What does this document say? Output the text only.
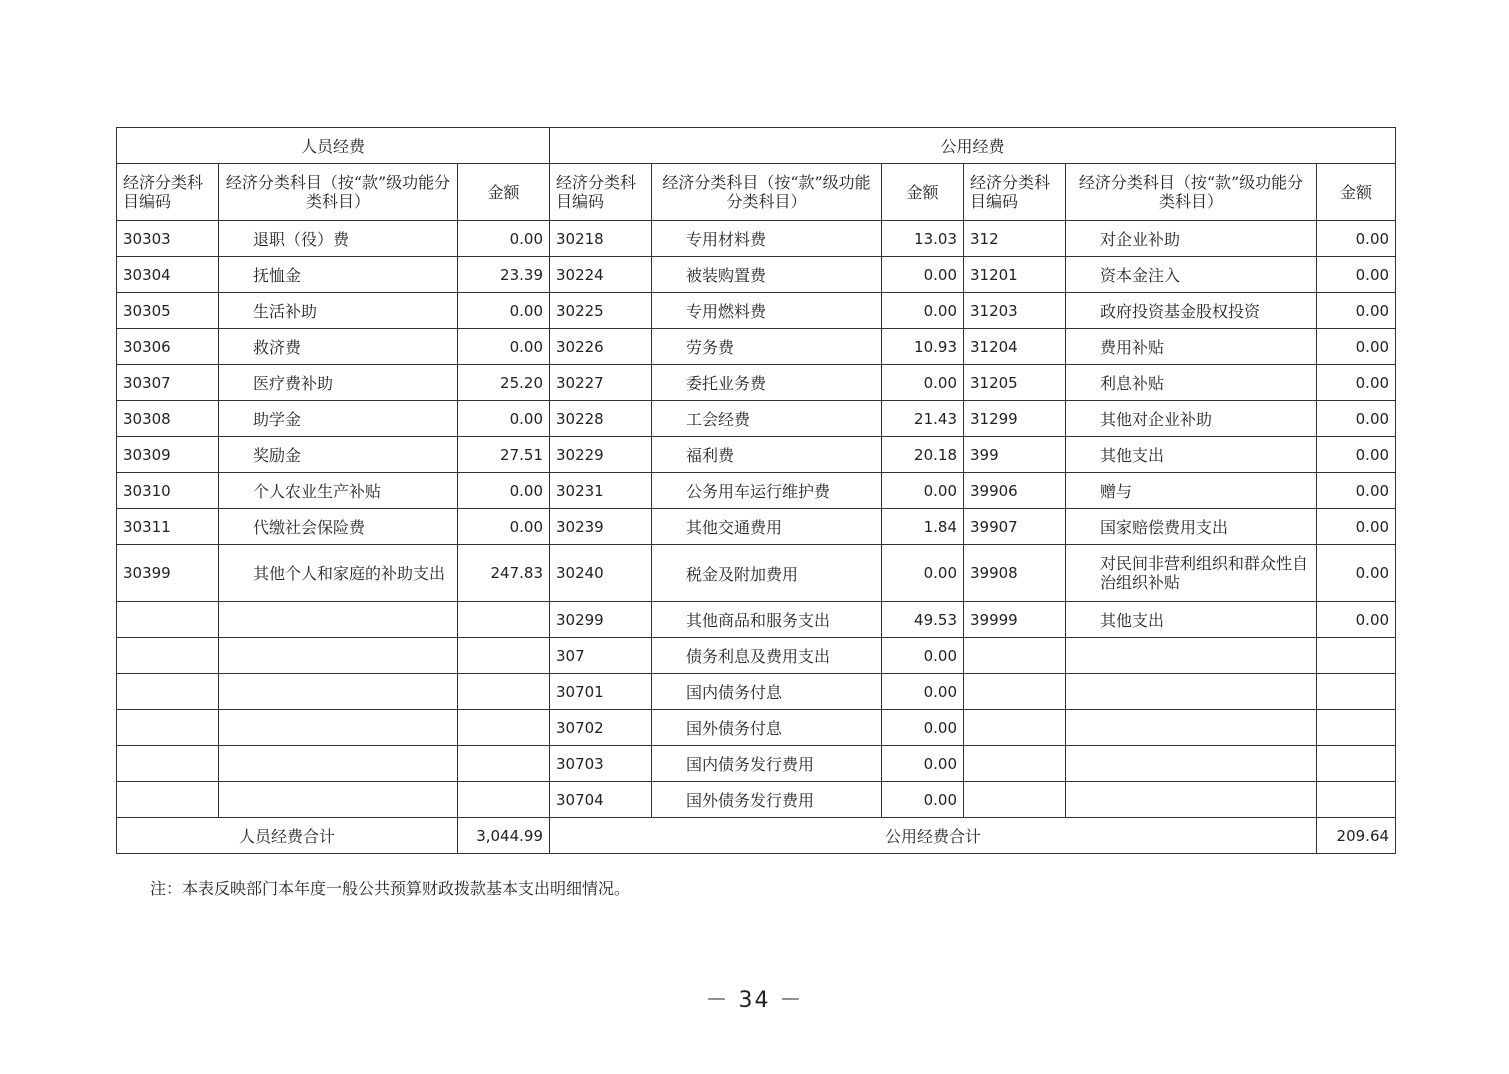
人员经费			公用经费					
经济分类科目编码	经济分类科目（按“款”级功能分类科目）	金额	经济分类科目编码	经济分类科目（按“款”级功能分类科目）	金额	经济分类科目编码	经济分类科目（按“款”级功能分类科目）	金额
30303	退职（役）费	0.00	30218	专用材料费	13.03	312	对企业补助	0.00
30304	抚恤金	23.39	30224	被装购置费	0.00	31201	资本金注入	0.00
30305	生活补助	0.00	30225	专用燃料费	0.00	31203	政府投资基金股权投资	0.00
30306	救济费	0.00	30226	劳务费	10.93	31204	费用补贴	0.00
30307	医疗费补助	25.20	30227	委托业务费	0.00	31205	利息补贴	0.00
30308	助学金	0.00	30228	工会经费	21.43	31299	其他对企业补助	0.00
30309	奖励金	27.51	30229	福利费	20.18	399	其他支出	0.00
30310	个人农业生产补贴	0.00	30231	公务用车运行维护费	0.00	39906	赠与	0.00
30311	代缴社会保险费	0.00	30239	其他交通费用	1.84	39907	国家赔偿费用支出	0.00
30399	其他个人和家庭的补助支出	247.83	30240	税金及附加费用	0.00	39908	对民间非营利组织和群众性自治组织补贴	0.00
			30299	其他商品和服务支出	49.53	39999	其他支出	0.00
			307	债务利息及费用支出	0.00			
			30701	国内债务付息	0.00			
			30702	国外债务付息	0.00			
			30703	国内债务发行费用	0.00			
			30704	国外债务发行费用	0.00			
人员经费合计		3,044.99	公用经费合计					209.64
注：本表反映部门本年度一般公共预算财政拨款基本支出明细情况。
－ 34 －
